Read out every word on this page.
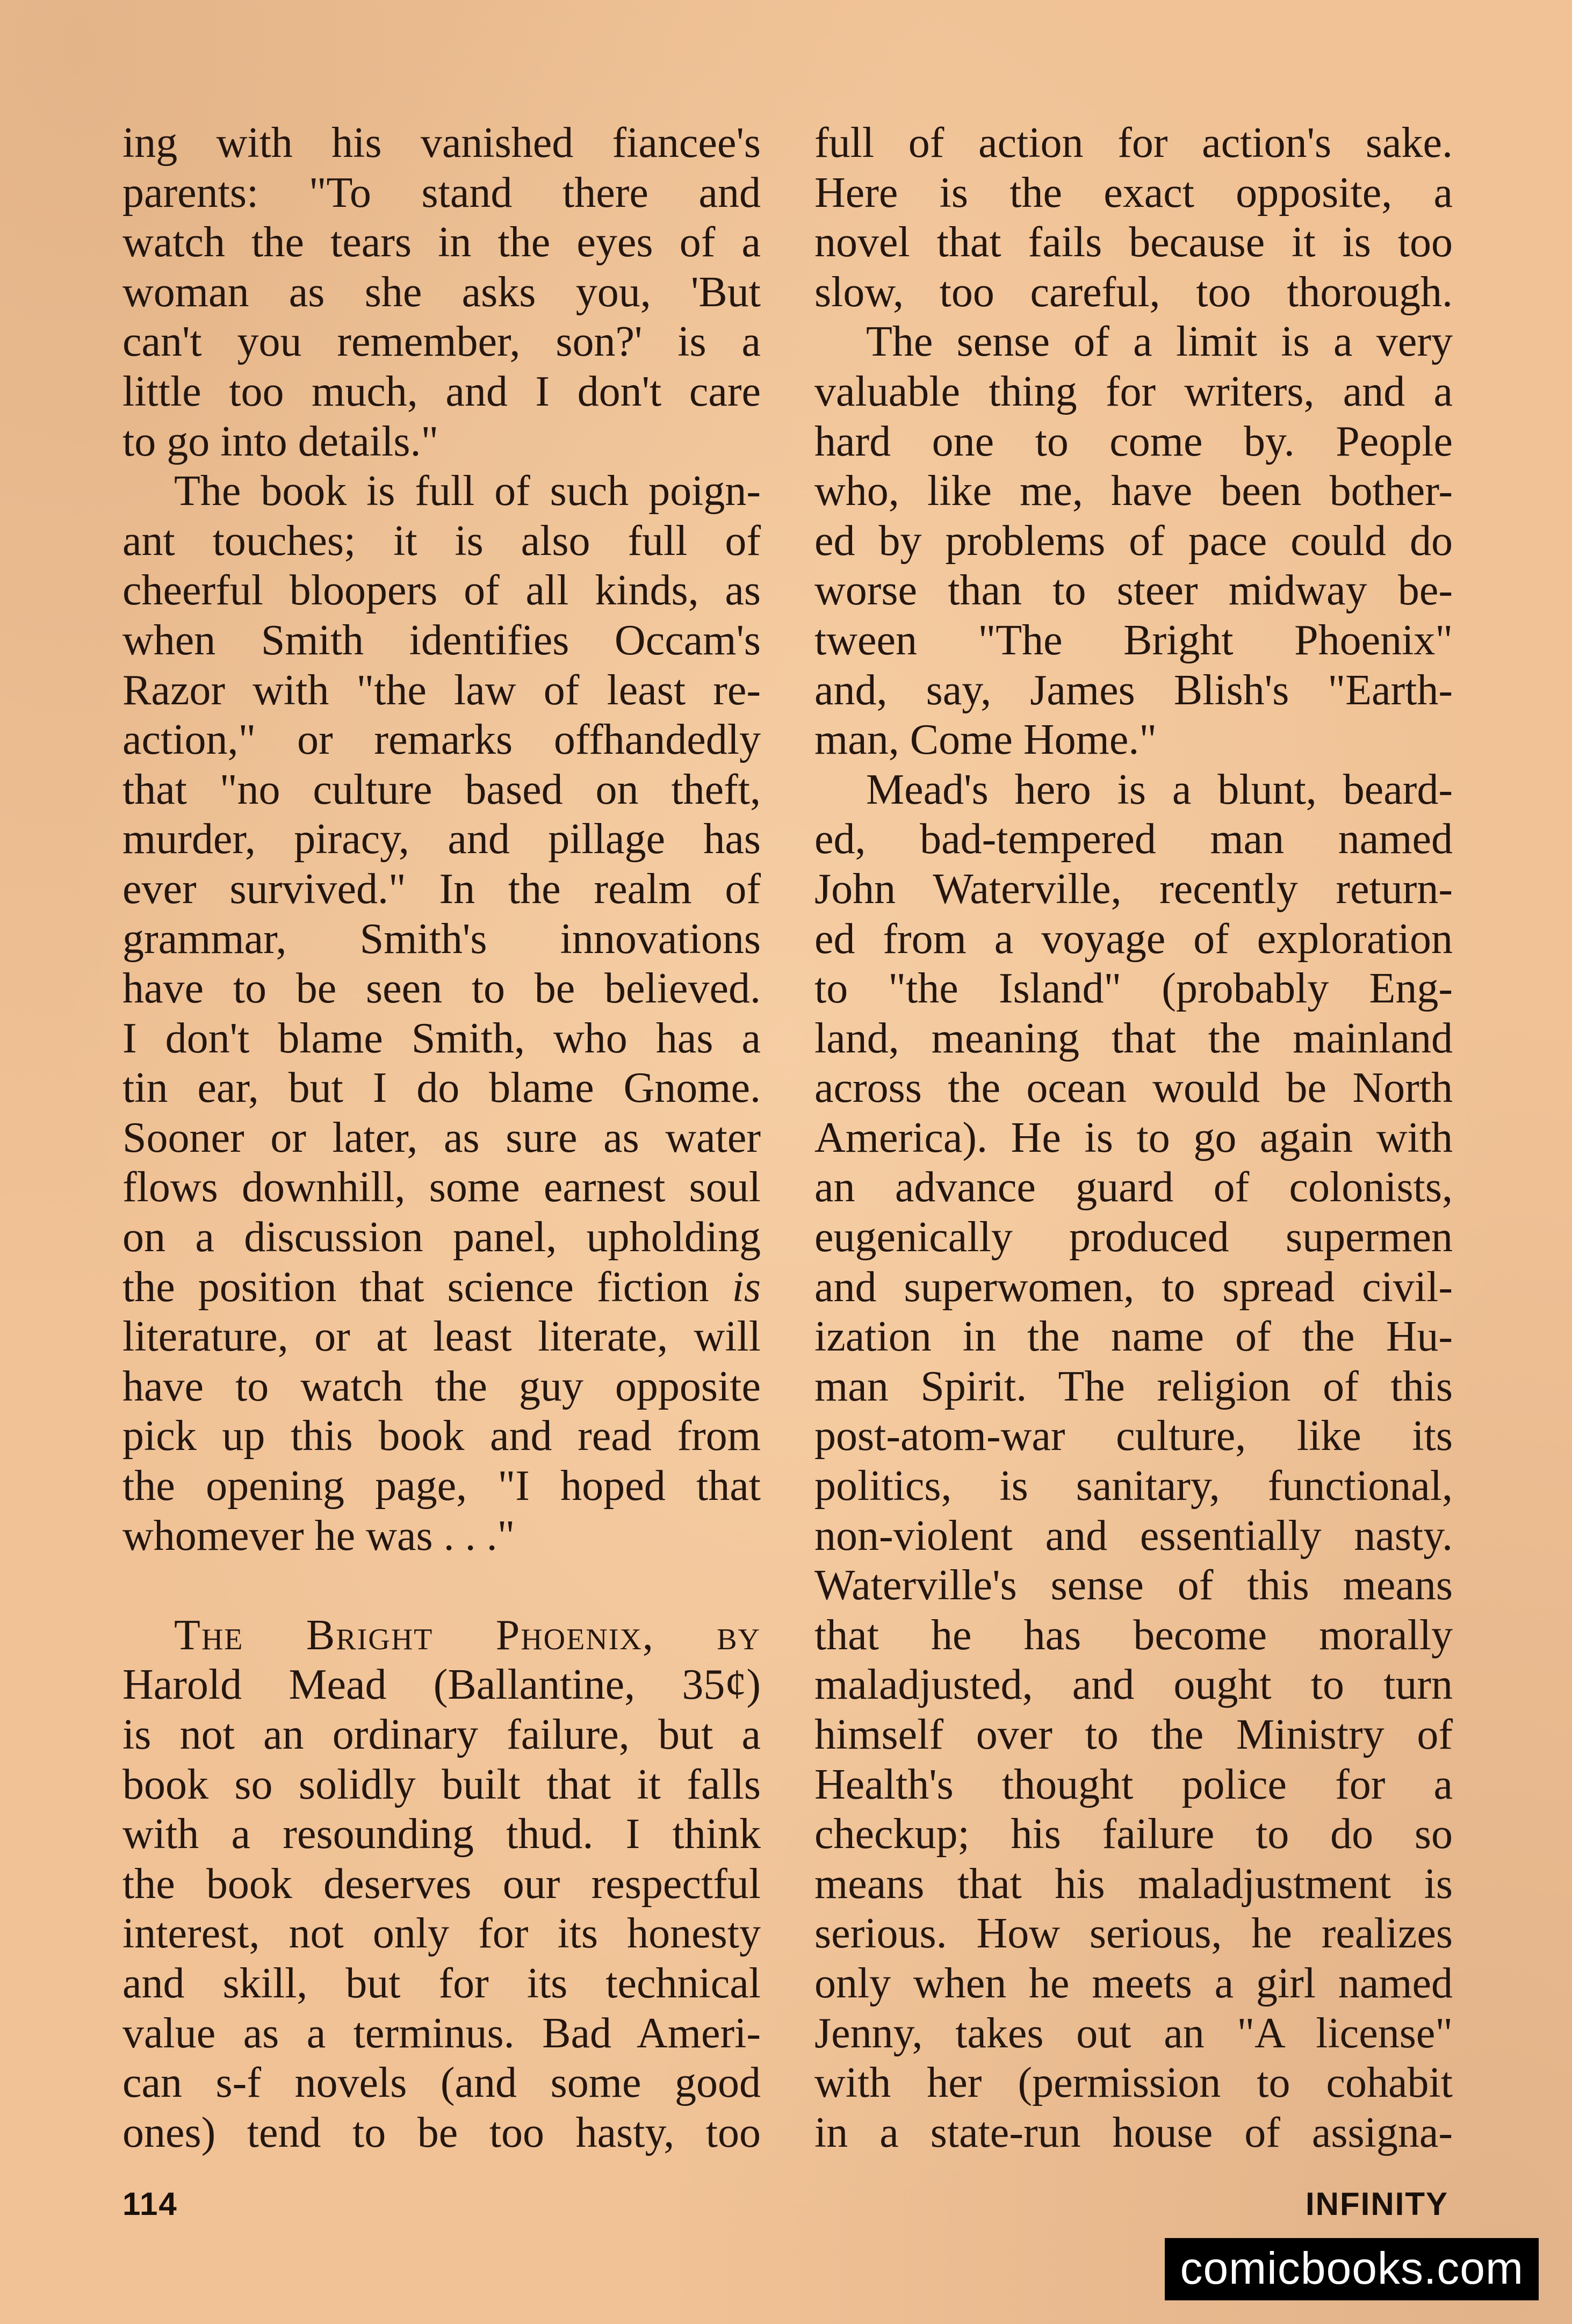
ing with his vanished fiancee's
parents: "To stand there and
watch the tears in the eyes of a
woman as she asks you, 'But
can't you remember, son?' is a
little too much, and I don't care
to go into details."
The book is full of such poign-
ant touches; it is also full of
cheerful bloopers of all kinds, as
when Smith identifies Occam's
Razor with "the law of least re-
action," or remarks offhandedly
that "no culture based on theft,
murder, piracy, and pillage has
ever survived." In the realm of
grammar, Smith's innovations
have to be seen to be believed.
I don't blame Smith, who has a
tin ear, but I do blame Gnome.
Sooner or later, as sure as water
flows downhill, some earnest soul
on a discussion panel, upholding
the position that science fiction is
literature, or at least literate, will
have to watch the guy opposite
pick up this book and read from
the opening page, "I hoped that
whomever he was . . ."
The Bright Phoenix, by
Harold Mead (Ballantine, 35¢)
is not an ordinary failure, but a
book so solidly built that it falls
with a resounding thud. I think
the book deserves our respectful
interest, not only for its honesty
and skill, but for its technical
value as a terminus. Bad Ameri-
can s-f novels (and some good
ones) tend to be too hasty, too
full of action for action's sake.
Here is the exact opposite, a
novel that fails because it is too
slow, too careful, too thorough.
The sense of a limit is a very
valuable thing for writers, and a
hard one to come by. People
who, like me, have been bother-
ed by problems of pace could do
worse than to steer midway be-
tween "The Bright Phoenix"
and, say, James Blish's "Earth-
man, Come Home."
Mead's hero is a blunt, beard-
ed, bad-tempered man named
John Waterville, recently return-
ed from a voyage of exploration
to "the Island" (probably Eng-
land, meaning that the mainland
across the ocean would be North
America). He is to go again with
an advance guard of colonists,
eugenically produced supermen
and superwomen, to spread civil-
ization in the name of the Hu-
man Spirit. The religion of this
post-atom-war culture, like its
politics, is sanitary, functional,
non-violent and essentially nasty.
Waterville's sense of this means
that he has become morally
maladjusted, and ought to turn
himself over to the Ministry of
Health's thought police for a
checkup; his failure to do so
means that his maladjustment is
serious. How serious, he realizes
only when he meets a girl named
Jenny, takes out an "A license"
with her (permission to cohabit
in a state-run house of assigna-
114	INFINITY
comicbooks.com
